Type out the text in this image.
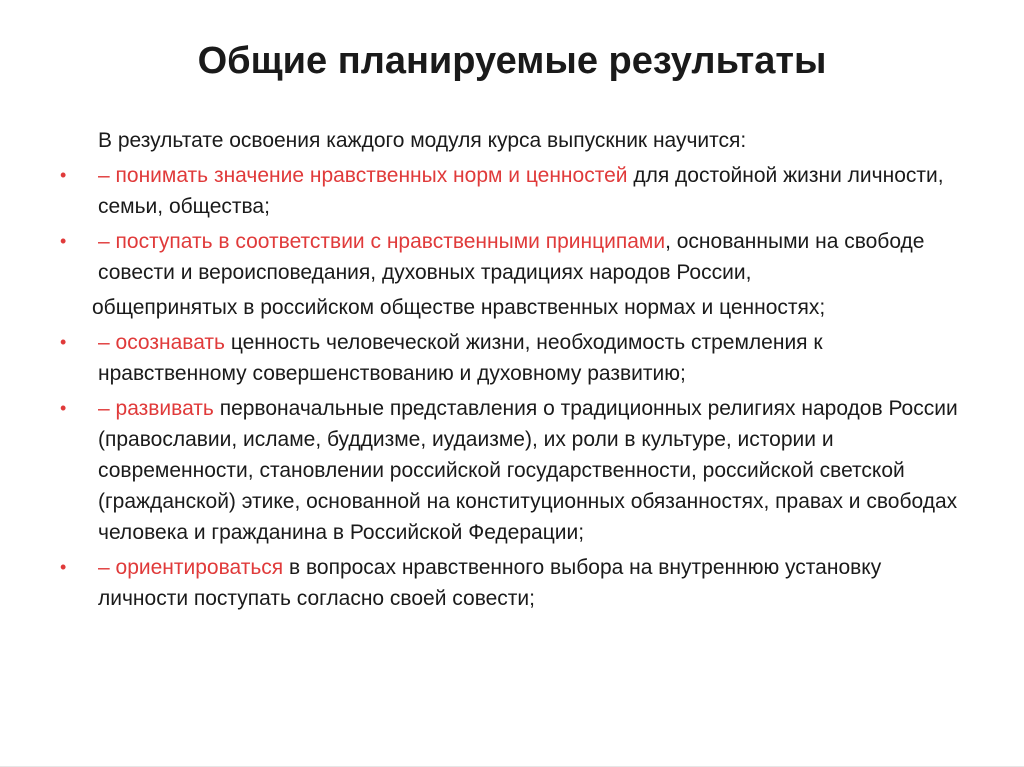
Общие планируемые результаты
В результате освоения каждого модуля курса выпускник научится:
• – понимать значение нравственных норм и ценностей для достойной жизни личности, семьи, общества;
• – поступать в соответствии с нравственными принципами, основанными на свободе совести и вероисповедания, духовных традициях народов России,
общепринятых в российском обществе нравственных нормах и ценностях;
• – осознавать ценность человеческой жизни, необходимость стремления к нравственному совершенствованию и духовному развитию;
• – развивать первоначальные представления о традиционных религиях народов России (православии, исламе, буддизме, иудаизме), их роли в культуре, истории и современности, становлении российской государственности, российской светской (гражданской) этике, основанной на конституционных обязанностях, правах и свободах человека и гражданина в Российской Федерации;
• – ориентироваться в вопросах нравственного выбора на внутреннюю установку личности поступать согласно своей совести;
